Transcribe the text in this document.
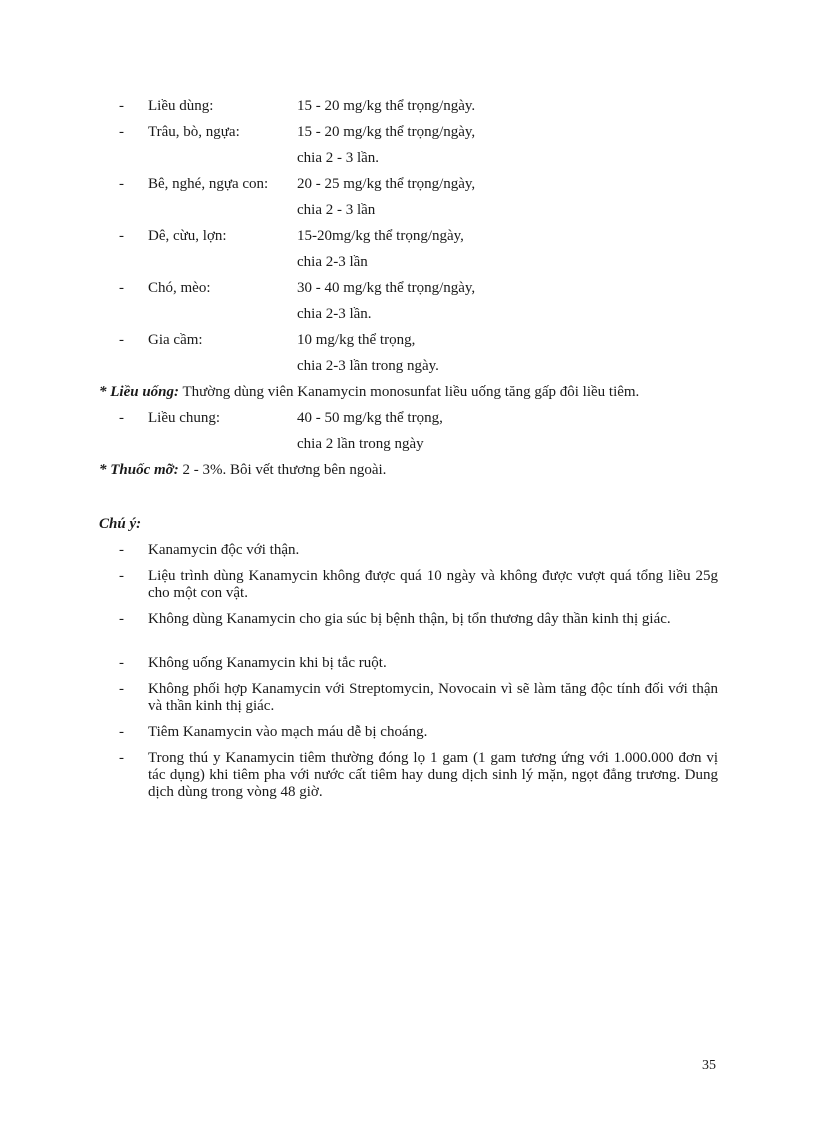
- Liều dùng:	15 - 20 mg/kg thể trọng/ngày.
- Trâu, bò, ngựa:	15 - 20 mg/kg thể trọng/ngày,
chia 2 - 3 lần.
- Bê, nghé, ngựa con: 20 - 25 mg/kg thể trọng/ngày,
chia 2 - 3 lần
- Dê, cừu, lợn:	15-20mg/kg thể trọng/ngày,
chia 2-3 lần
- Chó, mèo:	30 - 40 mg/kg thể trọng/ngày,
chia 2-3 lần.
- Gia cầm:	10 mg/kg thể trọng,
chia 2-3 lần trong ngày.
* Liều uống: Thường dùng viên Kanamycin monosunfat liều uống tăng gấp đôi liều tiêm.
- Liều chung:	40 - 50 mg/kg thể trọng,
chia 2 lần trong ngày
* Thuốc mỡ: 2 - 3%. Bôi vết thương bên ngoài.
Chú ý:
- Kanamycin độc với thận.
- Liệu trình dùng Kanamycin không được quá 10 ngày và không được vượt quá tổng liều 25g cho một con vật.
- Không dùng Kanamycin cho gia súc bị bệnh thận, bị tổn thương dây thần kinh thị giác.
- Không uống Kanamycin khi bị tắc ruột.
- Không phối hợp Kanamycin với Streptomycin, Novocain vì sẽ làm tăng độc tính đối với thận và thần kinh thị giác.
- Tiêm Kanamycin vào mạch máu dễ bị choáng.
- Trong thú y Kanamycin tiêm thường đóng lọ 1 gam (1 gam tương ứng với 1.000.000 đơn vị tác dụng) khi tiêm pha với nước cất tiêm hay dung dịch sinh lý mặn, ngọt đẳng trương. Dung dịch dùng trong vòng 48 giờ.
35
